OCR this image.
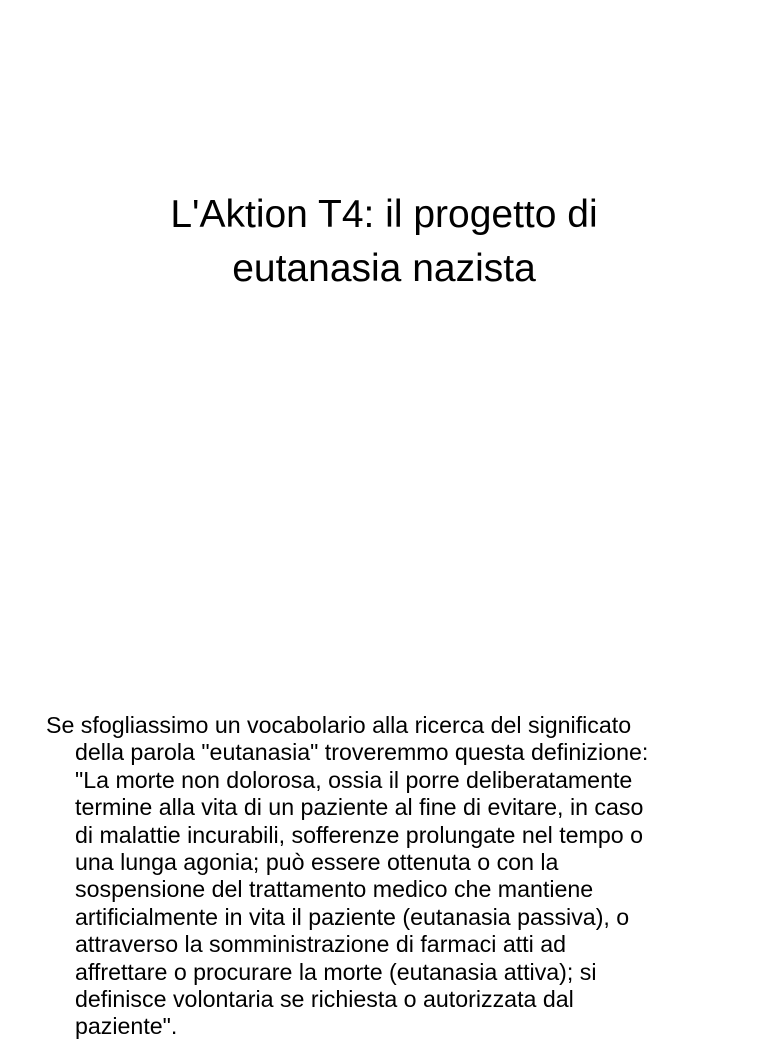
L'Aktion T4: il progetto di
eutanasia nazista

Se sfogliassimo un vocabolario alla ricerca del significato
della parola "eutanasia" troveremmo questa definizione:
"La morte non dolorosa, ossia il porre deliberatamente
termine alla vita di un paziente al fine di evitare, in caso
di malattie incurabili, sofferenze prolungate nel tempo o
una lunga agonia; può essere ottenuta o con la
sospensione del trattamento medico che mantiene
artificialmente in vita il paziente (eutanasia passiva), o
attraverso la somministrazione di farmaci atti ad
affrettare o procurare la morte (eutanasia attiva); si
definisce volontaria se richiesta o autorizzata dal
paziente".
